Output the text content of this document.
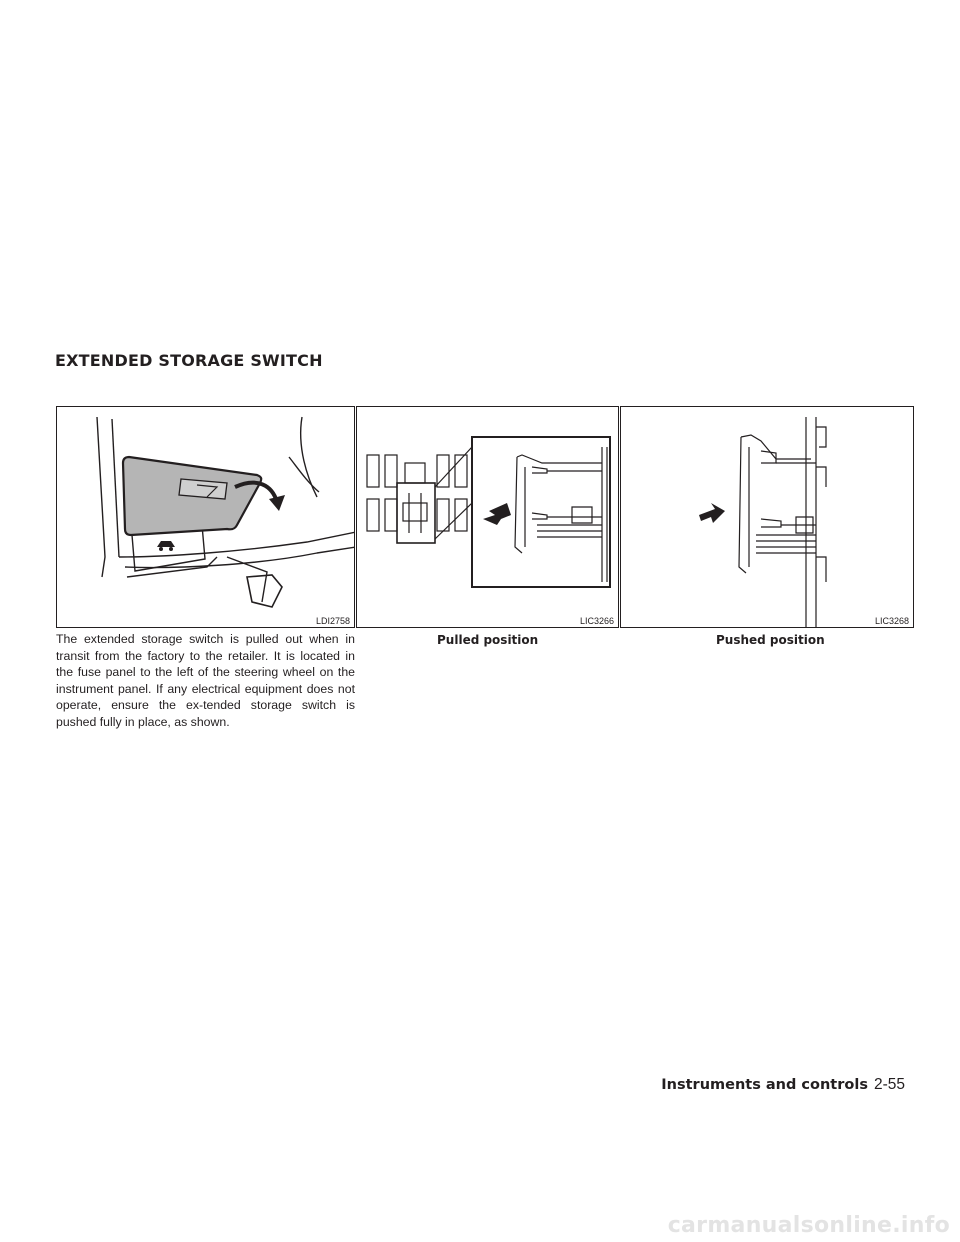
EXTENDED STORAGE SWITCH
LDI2758	LIC3266	LIC3268
Pulled position	Pushed position
The extended storage switch is pulled out when in transit from the factory to the retailer. It is located in the fuse panel to the left of the steering wheel on the instrument panel. If any electrical equipment does not operate, ensure the ex-tended storage switch is pushed fully in place, as shown.
Instruments and controls 2-55
carmanualsonline.info
